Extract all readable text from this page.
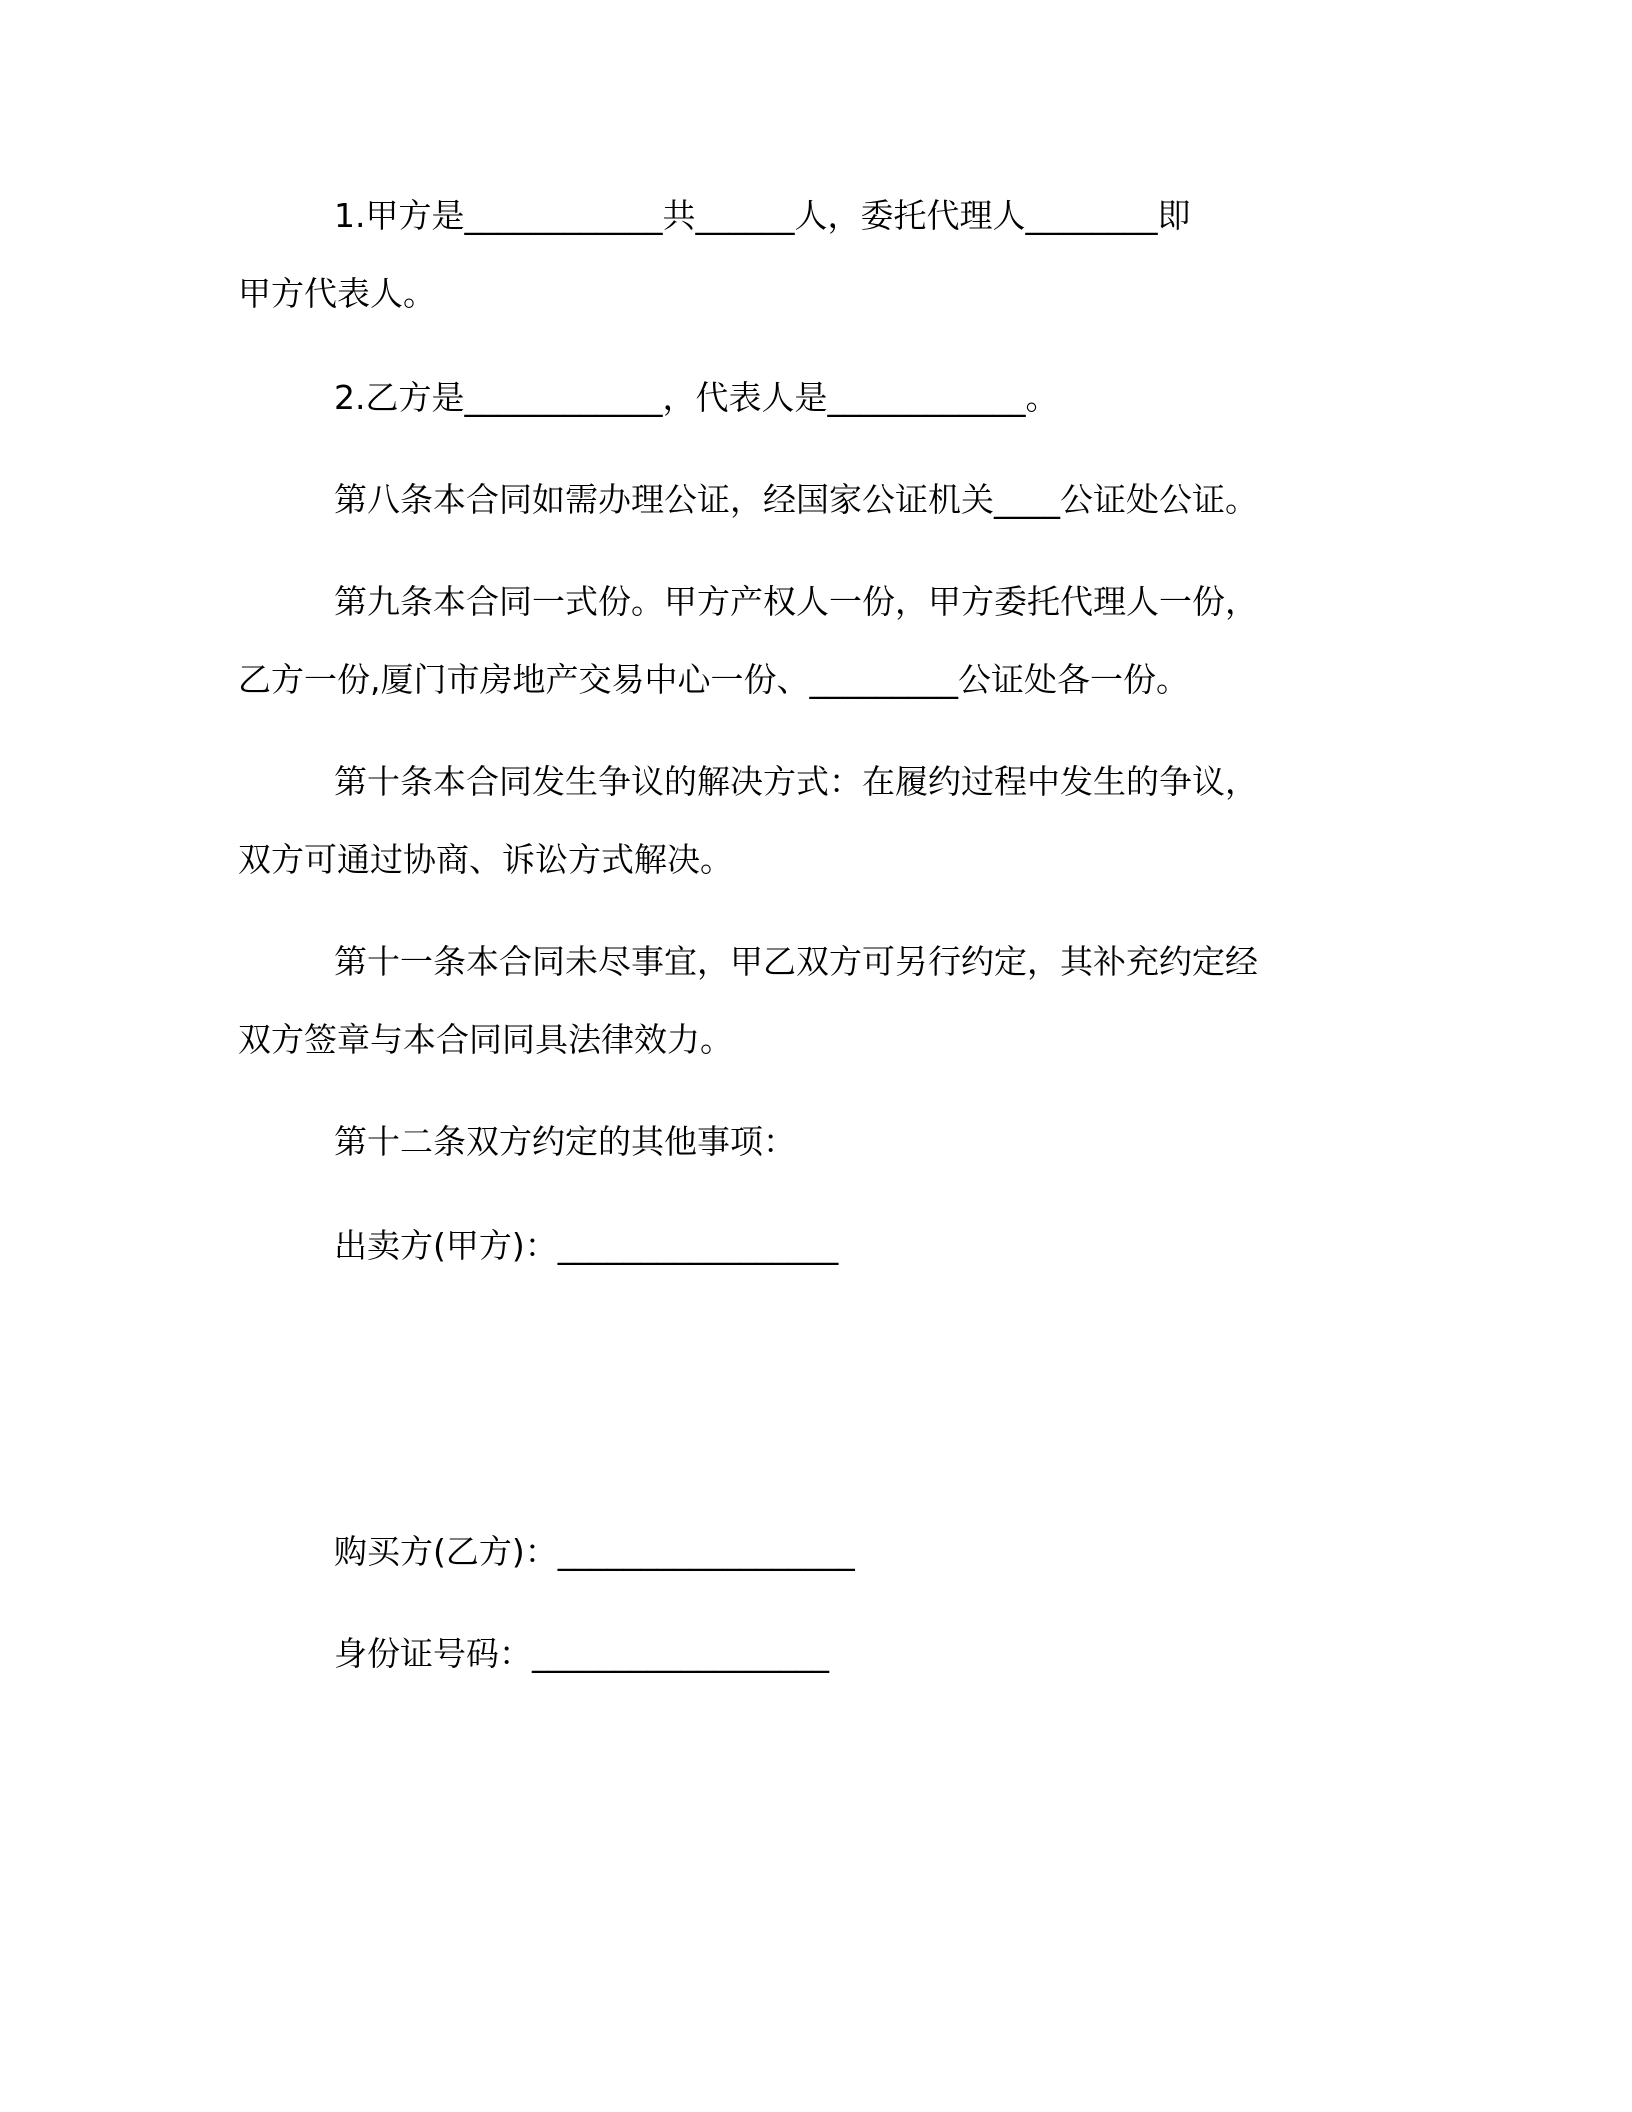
1.甲方是____________共______人，委托代理人________即
甲方代表人。
2.乙方是____________，代表人是____________。
第八条本合同如需办理公证，经国家公证机关____公证处公证。
第九条本合同一式份。甲方产权人一份，甲方委托代理人一份，
乙方一份,厦门市房地产交易中心一份、_________公证处各一份。
第十条本合同发生争议的解决方式：在履约过程中发生的争议，
双方可通过协商、诉讼方式解决。
第十一条本合同未尽事宜，甲乙双方可另行约定，其补充约定经
双方签章与本合同同具法律效力。
第十二条双方约定的其他事项：
出卖方(甲方)：_________________
购买方(乙方)：__________________
身份证号码：__________________
